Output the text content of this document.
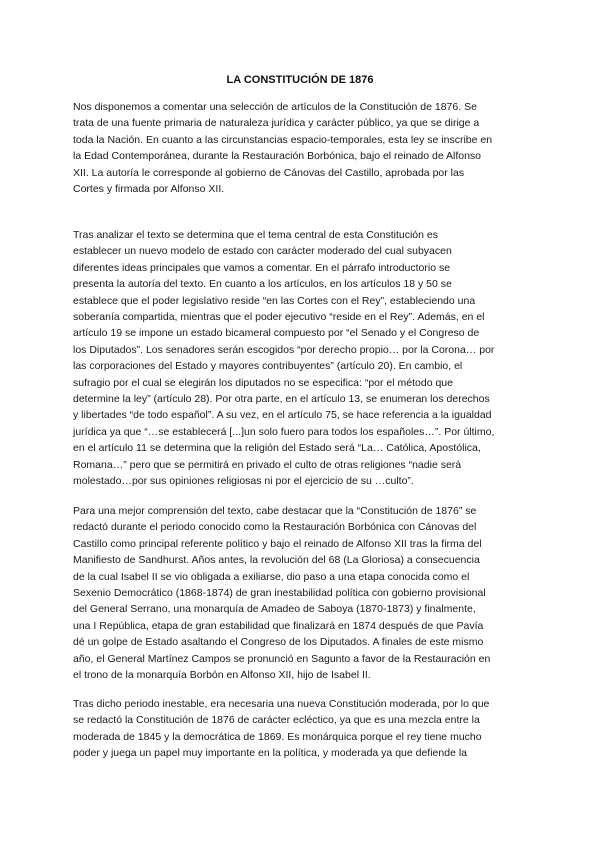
LA CONSTITUCIÓN DE 1876

Nos disponemos a comentar una selección de artículos de la Constitución de 1876. Se
trata de una fuente primaria de naturaleza jurídica y carácter público, ya que se dirige a
toda la Nación. En cuanto a las circunstancias espacio-temporales, esta ley se inscribe en
la Edad Contemporánea, durante la Restauración Borbónica, bajo el reinado de Alfonso
XII. La autoría le corresponde al gobierno de Cánovas del Castillo, aprobada por las
Cortes y firmada por Alfonso XII.

Tras analizar el texto se determina que el tema central de esta Constitución es
establecer un nuevo modelo de estado con carácter moderado del cual subyacen
diferentes ideas principales que vamos a comentar. En el párrafo introductorio se
presenta la autoría del texto. En cuanto a los artículos, en los artículos 18 y 50 se
establece que el poder legislativo reside “en las Cortes con el Rey”, estableciendo una
soberanía compartida, mientras que el poder ejecutivo “reside en el Rey”. Además, en el
artículo 19 se impone un estado bicameral compuesto por “el Senado y el Congreso de
los Diputados”. Los senadores serán escogidos “por derecho propio… por la Corona… por
las corporaciones del Estado y mayores contribuyentes” (artículo 20). En cambio, el
sufragio por el cual se elegirán los diputados no se especifica: “por el método que
determine la ley” (artículo 28). Por otra parte, en el artículo 13, se enumeran los derechos
y libertades “de todo español”. A su vez, en el artículo 75, se hace referencia a la igualdad
jurídica ya que “…se establecerá [...]un solo fuero para todos los españoles…”. Por último,
en el artículo 11 se determina que la religión del Estado será “La… Católica, Apostólica,
Romana…” pero que se permitirá en privado el culto de otras religiones “nadie será
molestado…por sus opiniones religiosas ni por el ejercicio de su …culto”.

Para una mejor comprensión del texto, cabe destacar que la “Constitución de 1876” se
redactó durante el periodo conocido como la Restauración Borbónica con Cánovas del
Castillo como principal referente político y bajo el reinado de Alfonso XII tras la firma del
Manifiesto de Sandhurst. Años antes, la revolución del 68 (La Gloriosa) a consecuencia
de la cual Isabel II se vio obligada a exiliarse, dio paso a una etapa conocida como el
Sexenio Democrático (1868-1874) de gran inestabilidad política con gobierno provisional
del General Serrano, una monarquía de Amadeo de Saboya (1870-1873) y finalmente,
una I República, etapa de gran estabilidad que finalizará en 1874 después de que Pavía
dé un golpe de Estado asaltando el Congreso de los Diputados. A finales de este mismo
año, el General Martínez Campos se pronunció en Sagunto a favor de la Restauración en
el trono de la monarquía Borbón en Alfonso XII, hijo de Isabel II.

Tras dicho periodo inestable, era necesaria una nueva Constitución moderada, por lo que
se redactó la Constitución de 1876 de carácter ecléctico, ya que es una mezcla entre la
moderada de 1845 y la democrática de 1869. Es monárquica porque el rey tiene mucho
poder y juega un papel muy importante en la política, y moderada ya que defiende la
